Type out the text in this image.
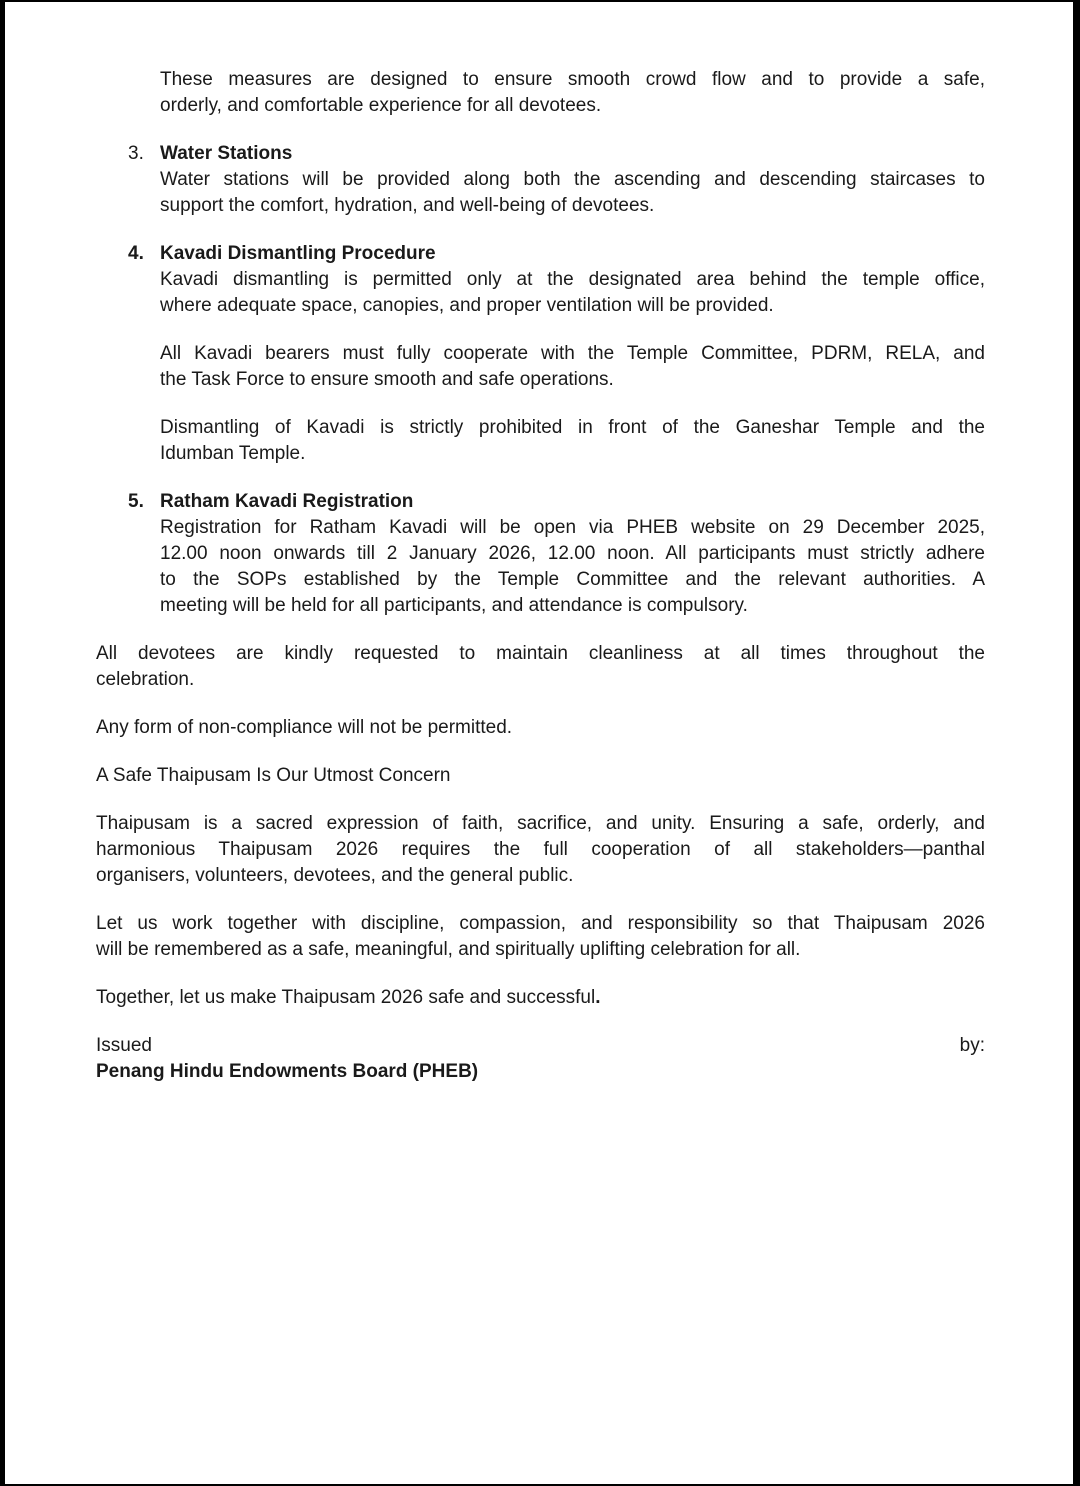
These measures are designed to ensure smooth crowd flow and to provide a safe,
orderly, and comfortable experience for all devotees.
3. Water Stations
Water stations will be provided along both the ascending and descending staircases to
support the comfort, hydration, and well-being of devotees.
4. Kavadi Dismantling Procedure
Kavadi dismantling is permitted only at the designated area behind the temple office,
where adequate space, canopies, and proper ventilation will be provided.
All Kavadi bearers must fully cooperate with the Temple Committee, PDRM, RELA, and
the Task Force to ensure smooth and safe operations.
Dismantling of Kavadi is strictly prohibited in front of the Ganeshar Temple and the
Idumban Temple.
5. Ratham Kavadi Registration
Registration for Ratham Kavadi will be open via PHEB website on 29 December 2025,
12.00 noon onwards till 2 January 2026, 12.00 noon. All participants must strictly adhere
to the SOPs established by the Temple Committee and the relevant authorities. A
meeting will be held for all participants, and attendance is compulsory.
All devotees are kindly requested to maintain cleanliness at all times throughout the
celebration.
Any form of non-compliance will not be permitted.
A Safe Thaipusam Is Our Utmost Concern
Thaipusam is a sacred expression of faith, sacrifice, and unity. Ensuring a safe, orderly, and
harmonious Thaipusam 2026 requires the full cooperation of all stakeholders—panthal
organisers, volunteers, devotees, and the general public.
Let us work together with discipline, compassion, and responsibility so that Thaipusam 2026
will be remembered as a safe, meaningful, and spiritually uplifting celebration for all.
Together, let us make Thaipusam 2026 safe and successful.
Issued by:
Penang Hindu Endowments Board (PHEB)
